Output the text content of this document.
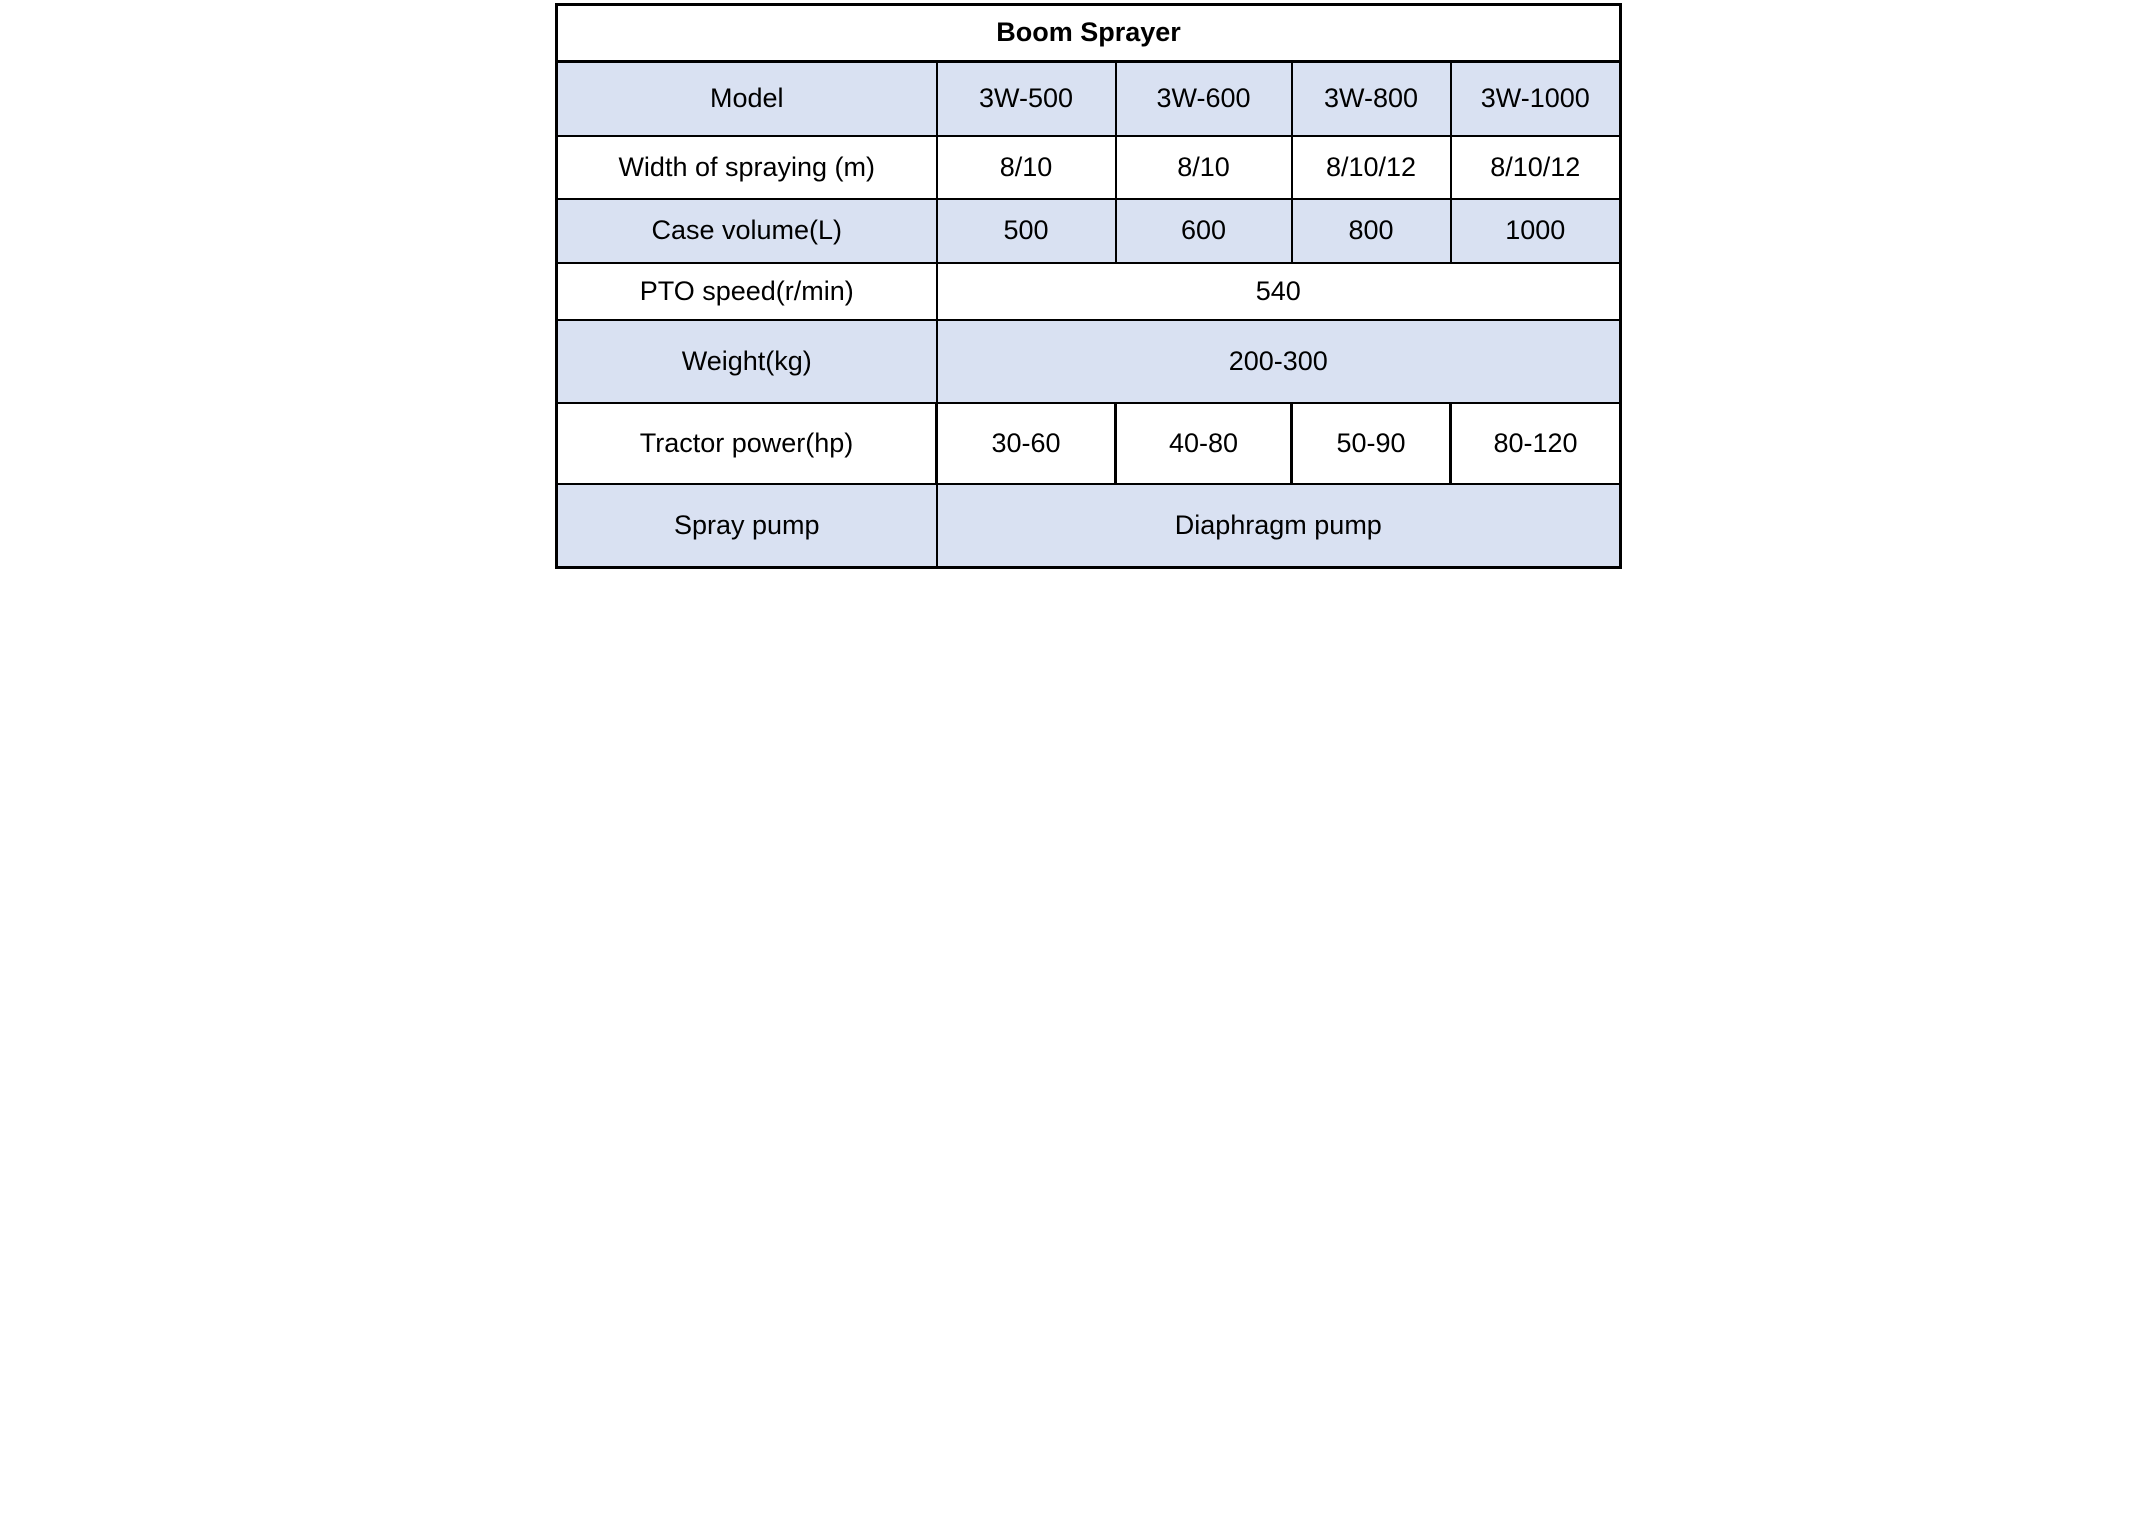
Boom Sprayer				
Model	3W-500	3W-600	3W-800	3W-1000
Width of spraying (m)	8/10	8/10	8/10/12	8/10/12
Case volume(L)	500	600	800	1000
PTO speed(r/min)	540			
Weight(kg)	200-300			
Tractor power(hp)	30-60	40-80	50-90	80-120
Spray pump	Diaphragm pump			
